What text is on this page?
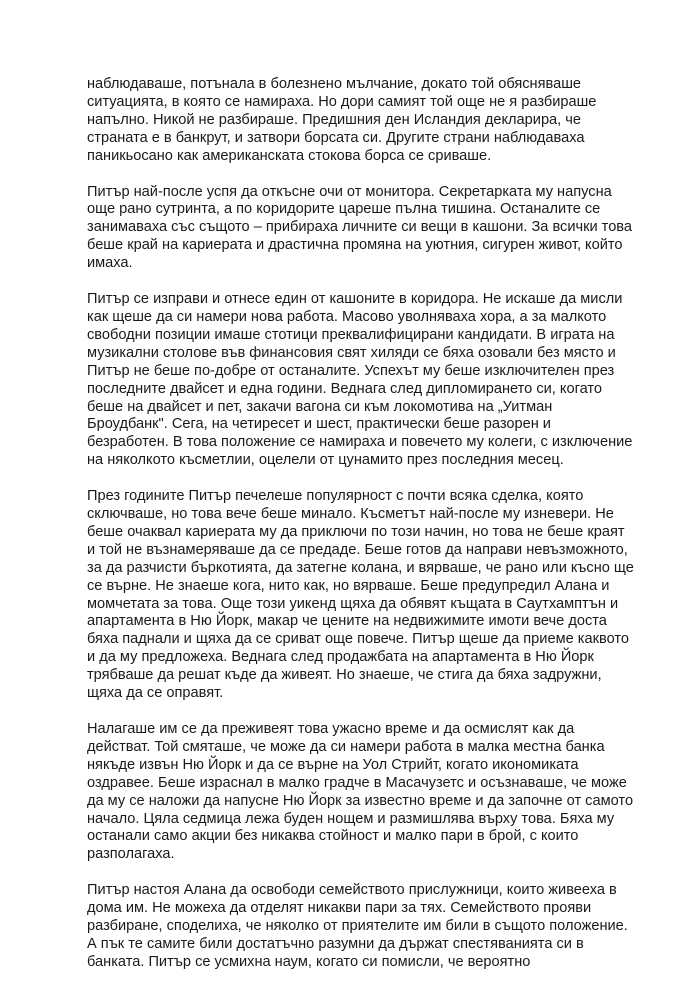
наблюдаваше, потънала в болезнено мълчание, докато той обясняваше
ситуацията, в която се намираха. Но дори самият той още не я разбираше
напълно. Никой не разбираше. Предишния ден Исландия декларира, че
страната е в банкрут, и затвори борсата си. Другите страни наблюдаваха
паникьосано как американската стокова борса се сриваше.

Питър най-после успя да откъсне очи от монитора. Секретарката му напусна
още рано сутринта, а по коридорите цареше пълна тишина. Останалите се
занимаваха със същото – прибираха личните си вещи в кашони. За всички това
беше край на кариерата и драстична промяна на уютния, сигурен живот, който
имаха.

Питър се изправи и отнесе един от кашоните в коридора. Не искаше да мисли
как щеше да си намери нова работа. Масово уволняваха хора, а за малкото
свободни позиции имаше стотици преквалифицирани кандидати. В играта на
музикални столове във финансовия свят хиляди се бяха озовали без място и
Питър не беше по-добре от останалите. Успехът му беше изключителен през
последните двайсет и една години. Веднага след дипломирането си, когато
беше на двайсет и пет, закачи вагона си към локомотива на „Уитман
Броудбанк". Сега, на четиресет и шест, практически беше разорен и
безработен. В това положение се намираха и повечето му колеги, с изключение
на няколкото късметлии, оцелели от цунамито през последния месец.

През годините Питър печелеше популярност с почти всяка сделка, която
сключваше, но това вече беше минало. Късметът най-после му изневери. Не
беше очаквал кариерата му да приключи по този начин, но това не беше краят
и той не възнамеряваше да се предаде. Беше готов да направи невъзможното,
за да разчисти бъркотията, да затегне колана, и вярваше, че рано или късно ще
се върне. Не знаеше кога, нито как, но вярваше. Беше предупредил Алана и
момчетата за това. Още този уикенд щяха да обявят къщата в Саутхамптън и
апартамента в Ню Йорк, макар че цените на недвижимите имоти вече доста
бяха паднали и щяха да се сриват още повече. Питър щеше да приеме каквото
и да му предложеха. Веднага след продажбата на апартамента в Ню Йорк
трябваше да решат къде да живеят. Но знаеше, че стига да бяха задружни,
щяха да се оправят.

Налагаше им се да преживеят това ужасно време и да осмислят как да
действат. Той смяташе, че може да си намери работа в малка местна банка
някъде извън Ню Йорк и да се върне на Уол Стрийт, когато икономиката
оздравее. Беше израснал в малко градче в Масачузетс и осъзнаваше, че може
да му се наложи да напусне Ню Йорк за известно време и да започне от самото
начало. Цяла седмица лежа буден нощем и размишлява върху това. Бяха му
останали само акции без никаква стойност и малко пари в брой, с които
разполагаха.

Питър настоя Алана да освободи семейството прислужници, които живееха в
дома им. Не можеха да отделят никакви пари за тях. Семейството прояви
разбиране, споделиха, че няколко от приятелите им били в същото положение.
А пък те самите били достатъчно разумни да държат спестяванията си в
банката. Питър се усмихна наум, когато си помисли, че вероятно
